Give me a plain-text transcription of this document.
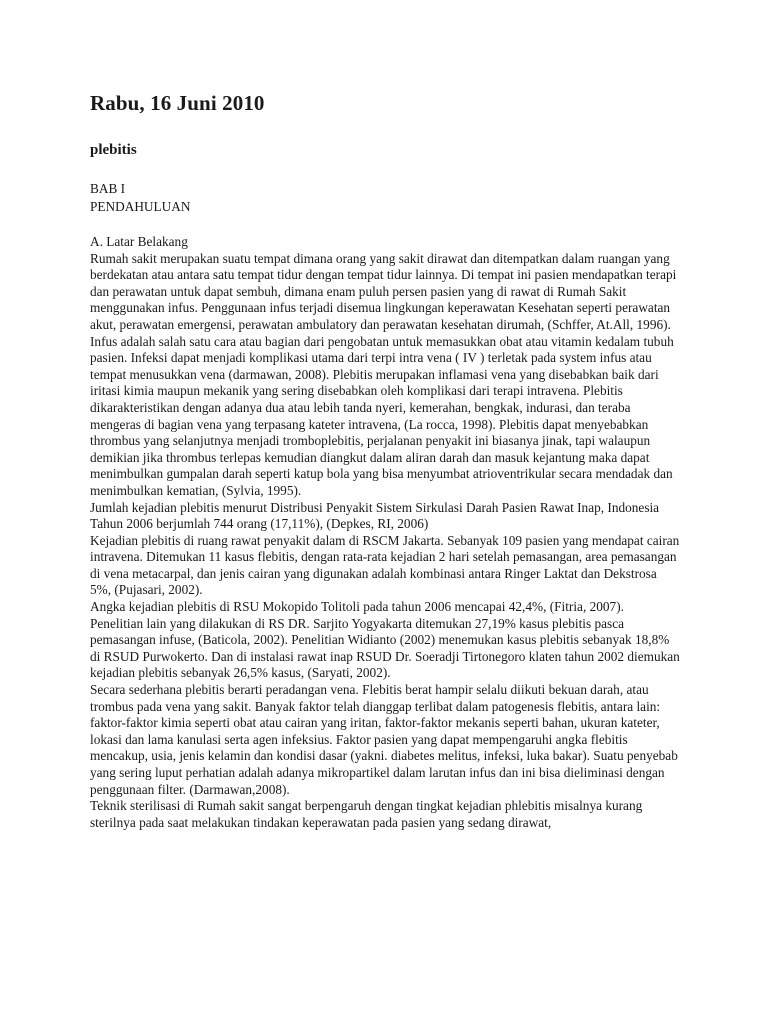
Rabu, 16 Juni 2010
plebitis

BAB I

PENDAHULUAN

A. Latar Belakang

Rumah sakit merupakan suatu tempat dimana orang yang sakit dirawat dan ditempatkan dalam ruangan yang berdekatan atau antara satu tempat tidur dengan tempat tidur lainnya. Di tempat ini pasien mendapatkan terapi dan perawatan untuk dapat sembuh, dimana enam puluh persen pasien yang di rawat di Rumah Sakit menggunakan infus. Penggunaan infus terjadi disemua lingkungan keperawatan Kesehatan seperti perawatan akut, perawatan emergensi, perawatan ambulatory dan perawatan kesehatan dirumah, (Schffer, At.All, 1996).

Infus adalah salah satu cara atau bagian dari pengobatan untuk memasukkan obat atau vitamin kedalam tubuh pasien. Infeksi dapat menjadi komplikasi utama dari terpi intra vena ( IV ) terletak pada system infus atau tempat menusukkan vena (darmawan, 2008). Plebitis merupakan inflamasi vena yang disebabkan baik dari iritasi kimia maupun mekanik yang sering disebabkan oleh komplikasi dari terapi intravena. Plebitis dikarakteristikan dengan adanya dua atau lebih tanda nyeri, kemerahan, bengkak, indurasi, dan teraba mengeras di bagian vena yang terpasang kateter intravena, (La rocca, 1998). Plebitis dapat menyebabkan thrombus yang selanjutnya menjadi tromboplebitis, perjalanan penyakit ini biasanya jinak, tapi walaupun demikian jika thrombus terlepas kemudian diangkut dalam aliran darah dan masuk kejantung maka dapat menimbulkan gumpalan darah seperti katup bola yang bisa menyumbat atrioventrikular secara mendadak dan menimbulkan kematian, (Sylvia, 1995).

Jumlah kejadian plebitis menurut Distribusi Penyakit Sistem Sirkulasi Darah Pasien Rawat Inap, Indonesia Tahun 2006 berjumlah 744 orang (17,11%), (Depkes, RI, 2006)

Kejadian plebitis di ruang rawat penyakit dalam di RSCM Jakarta. Sebanyak 109 pasien yang mendapat cairan intravena. Ditemukan 11 kasus flebitis, dengan rata-rata kejadian 2 hari setelah pemasangan, area pemasangan di vena metacarpal, dan jenis cairan yang digunakan adalah kombinasi antara Ringer Laktat dan Dekstrosa 5%, (Pujasari, 2002).

Angka kejadian plebitis di RSU Mokopido Tolitoli pada tahun 2006 mencapai 42,4%, (Fitria, 2007). Penelitian lain yang dilakukan di RS DR. Sarjito Yogyakarta ditemukan 27,19% kasus plebitis pasca pemasangan infuse, (Baticola, 2002). Penelitian Widianto (2002) menemukan kasus plebitis sebanyak 18,8% di RSUD Purwokerto. Dan di instalasi rawat inap RSUD Dr. Soeradji Tirtonegoro klaten tahun 2002 diemukan kejadian plebitis sebanyak 26,5% kasus, (Saryati, 2002).

Secara sederhana plebitis berarti peradangan vena. Flebitis berat hampir selalu diikuti bekuan darah, atau trombus pada vena yang sakit. Banyak faktor telah dianggap terlibat dalam patogenesis flebitis, antara lain: faktor-faktor kimia seperti obat atau cairan yang iritan, faktor-faktor mekanis seperti bahan, ukuran kateter, lokasi dan lama kanulasi serta agen infeksius. Faktor pasien yang dapat mempengaruhi angka flebitis mencakup, usia, jenis kelamin dan kondisi dasar (yakni. diabetes melitus, infeksi, luka bakar). Suatu penyebab yang sering luput perhatian adalah adanya mikropartikel dalam larutan infus dan ini bisa dieliminasi dengan penggunaan filter. (Darmawan,2008).

Teknik sterilisasi di Rumah sakit sangat berpengaruh dengan tingkat kejadian phlebitis misalnya kurang sterilnya pada saat melakukan tindakan keperawatan pada pasien yang sedang dirawat,
